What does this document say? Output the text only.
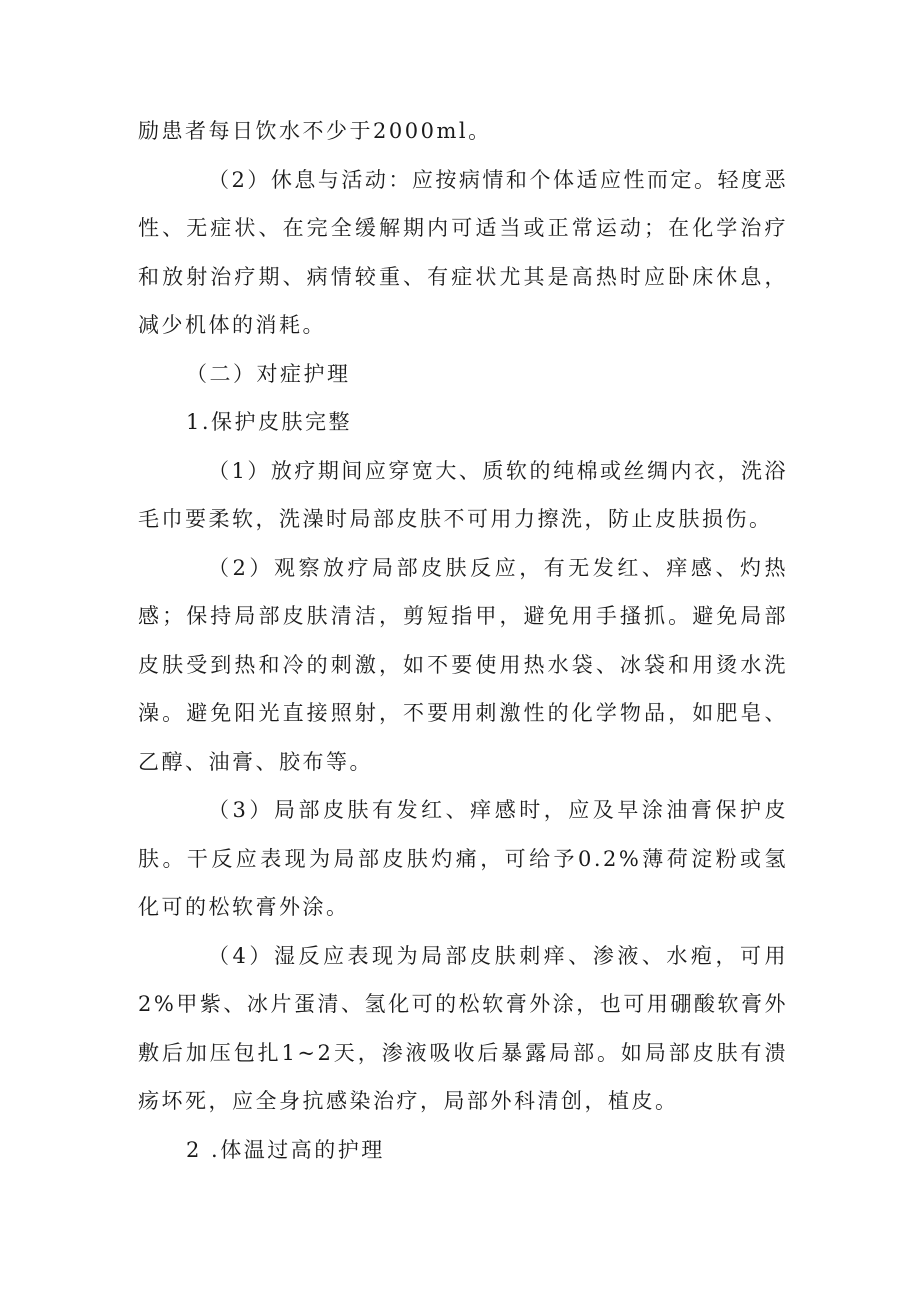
励患者每日饮水不少于2000ml。

（2）休息与活动：应按病情和个体适应性而定。轻度恶性、无症状、在完全缓解期内可适当或正常运动；在化学治疗和放射治疗期、病情较重、有症状尤其是高热时应卧床休息，减少机体的消耗。

（二）对症护理

1.保护皮肤完整

（1）放疗期间应穿宽大、质软的纯棉或丝绸内衣，洗浴毛巾要柔软，洗澡时局部皮肤不可用力擦洗，防止皮肤损伤。

（2）观察放疗局部皮肤反应，有无发红、痒感、灼热感；保持局部皮肤清洁，剪短指甲，避免用手搔抓。避免局部皮肤受到热和冷的刺激，如不要使用热水袋、冰袋和用烫水洗澡。避免阳光直接照射，不要用刺激性的化学物品，如肥皂、乙醇、油膏、胶布等。

（3）局部皮肤有发红、痒感时，应及早涂油膏保护皮肤。干反应表现为局部皮肤灼痛，可给予0.2%薄荷淀粉或氢化可的松软膏外涂。

（4）湿反应表现为局部皮肤刺痒、渗液、水疱，可用2%甲紫、冰片蛋清、氢化可的松软膏外涂，也可用硼酸软膏外敷后加压包扎1~2天，渗液吸收后暴露局部。如局部皮肤有溃疡坏死，应全身抗感染治疗，局部外科清创，植皮。

2 .体温过高的护理
